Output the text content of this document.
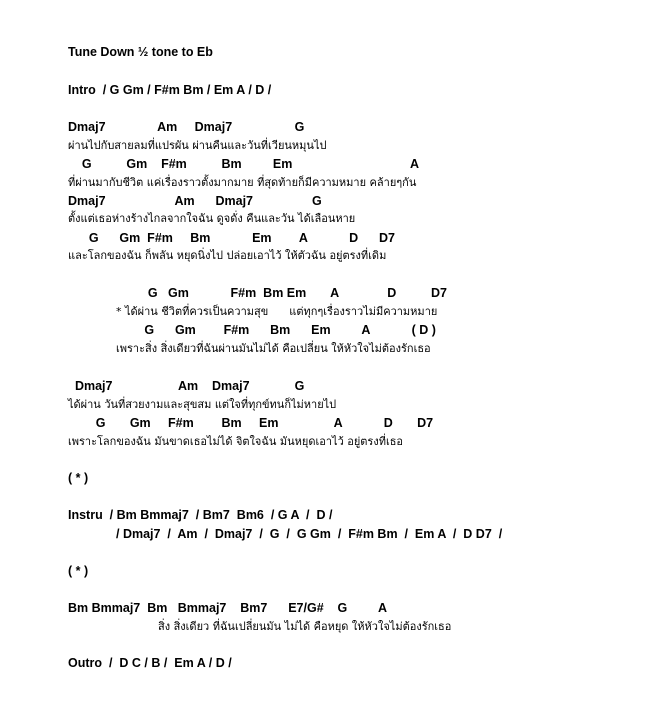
Tune Down ½ tone to Eb
Intro  / G Gm / F#m Bm / Em A / D /
Dmaj7               Am     Dmaj7                  G
ผ่านไปกับสายลมที่แปรผัน ผ่านคืนและวันที่เวียนหมุนไป
G          Gm    F#m          Bm         Em                                  A
ที่ผ่านมากับชีวิต แค่เรื่องราวตั้งมากมาย ที่สุดท้ายก็มีความหมาย คล้ายๆกัน
Dmaj7                    Am      Dmaj7                 G
ตั้งแต่เธอห่างร้างไกลจากใจฉัน ดูจดั่ง คืนและวัน ได้เลือนหาย
G      Gm  F#m     Bm            Em        A            D      D7
และโลกของฉัน ก็พลัน หยุดนิ่งไป ปล่อยเอาไว้ ให้ตัวฉัน อยู่ตรงที่เดิม
G   Gm            F#m  Bm Em       A              D          D7
* ได้ผ่าน ชีวิตที่ควรเป็นความสุข      แต่ทุกๆเรื่องราวไม่มีความหมาย
G      Gm        F#m      Bm      Em         A            ( D )
เพราะสิ่ง สิ่งเดียวที่ฉันผ่านมันไม่ได้ คือเปลี่ยน ให้หัวใจไม่ต้องรักเธอ
Dmaj7                   Am    Dmaj7             G
ได้ผ่าน วันที่สวยงามและสุขสม แต่ใจที่ทุกข์ทนก็ไม่หายไป
G       Gm     F#m        Bm     Em                A            D       D7
เพราะโลกของฉัน มันขาดเธอไม่ได้ จิตใจฉัน มันหยุดเอาไว้ อยู่ตรงที่เธอ
( * )
Instru  / Bm Bmmaj7  / Bm7  Bm6  / G A  /  D /
/ Dmaj7  /  Am  /  Dmaj7  /  G  /  G Gm  /  F#m Bm  /  Em A  /  D D7  /
( * )
Bm Bmmaj7  Bm   Bmmaj7    Bm7      E7/G#    G         A
สิ่ง สิ่งเดียว ที่ฉันเปลี่ยนมัน ไม่ได้ คือหยุด ให้หัวใจไม่ต้องรักเธอ
Outro  /  D C / B /  Em A / D /
